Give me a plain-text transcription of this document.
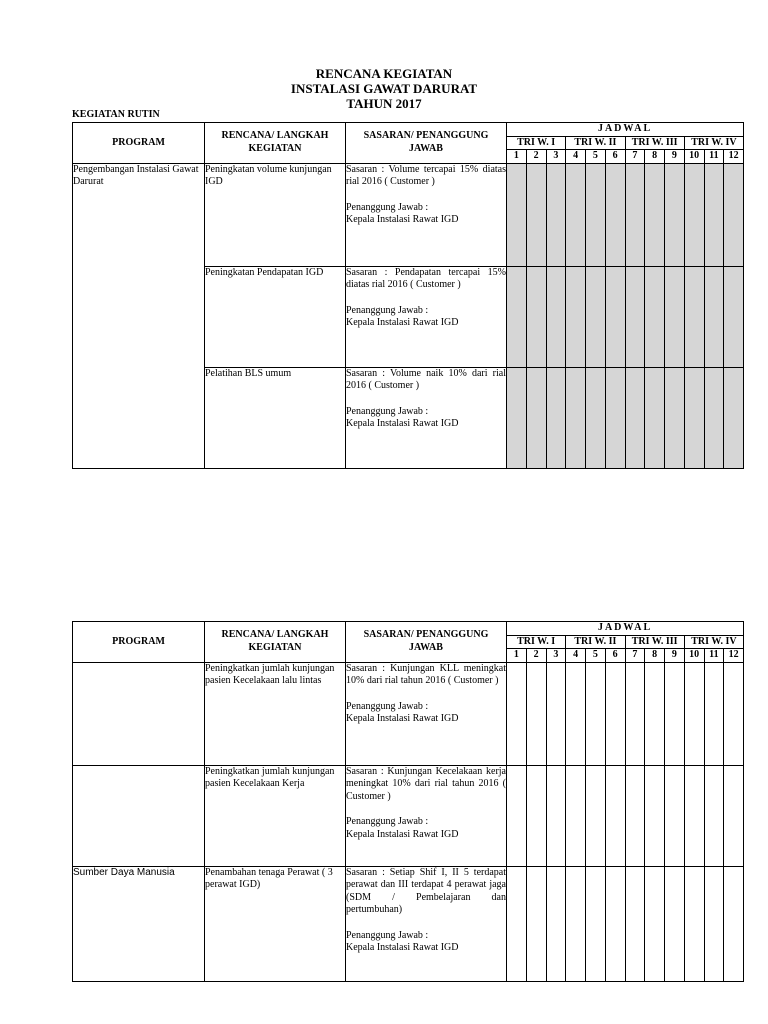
RENCANA KEGIATAN
INSTALASI GAWAT DARURAT
TAHUN 2017
KEGIATAN RUTIN
PROGRAM	RENCANA/ LANGKAH KEGIATAN	SASARAN/ PENANGGUNG JAWAB	JADWAL											
			TRI W. I			TRI W. II			TRI W. III			TRI W. IV		
			1	2	3	4	5	6	7	8	9	10	11	12
Pengembangan Instalasi Gawat Darurat	Peningkatan volume kunjungan IGD	Sasaran : Volume tercapai 15% diatas rial 2016 ( Customer )

Penanggung Jawab :

Kepala Instalasi Rawat IGD												

	Peningkatan Pendapatan IGD	Sasaran : Pendapatan tercapai 15% diatas rial 2016 ( Customer )

Penanggung Jawab :

Kepala Instalasi Rawat IGD												

	Pelatihan BLS umum	Sasaran : Volume naik 10% dari rial 2016 ( Customer )

Penanggung Jawab :

Kepala Instalasi Rawat IGD												

PROGRAM	RENCANA/ LANGKAH KEGIATAN	SASARAN/ PENANGGUNG JAWAB	JADWAL											
			TRI W. I			TRI W. II			TRI W. III			TRI W. IV		
			1	2	3	4	5	6	7	8	9	10	11	12
	Peningkatkan jumlah kunjungan pasien Kecelakaan lalu lintas	Sasaran : Kunjungan KLL meningkat 10% dari rial tahun 2016 ( Customer )

Penanggung Jawab :

Kepala Instalasi Rawat IGD												

	Peningkatkan jumlah kunjungan pasien Kecelakaan Kerja	Sasaran : Kunjungan Kecelakaan kerja meningkat 10% dari rial tahun 2016 ( Customer )

Penanggung Jawab :

Kepala Instalasi Rawat IGD												

Sumber Daya Manusia	Penambahan tenaga Perawat ( 3 perawat IGD)	Sasaran : Setiap Shif I, II 5 terdapat perawat dan III terdapat 4 perawat jaga (SDM / Pembelajaran dan pertumbuhan)

Penanggung Jawab :

Kepala Instalasi Rawat IGD												
